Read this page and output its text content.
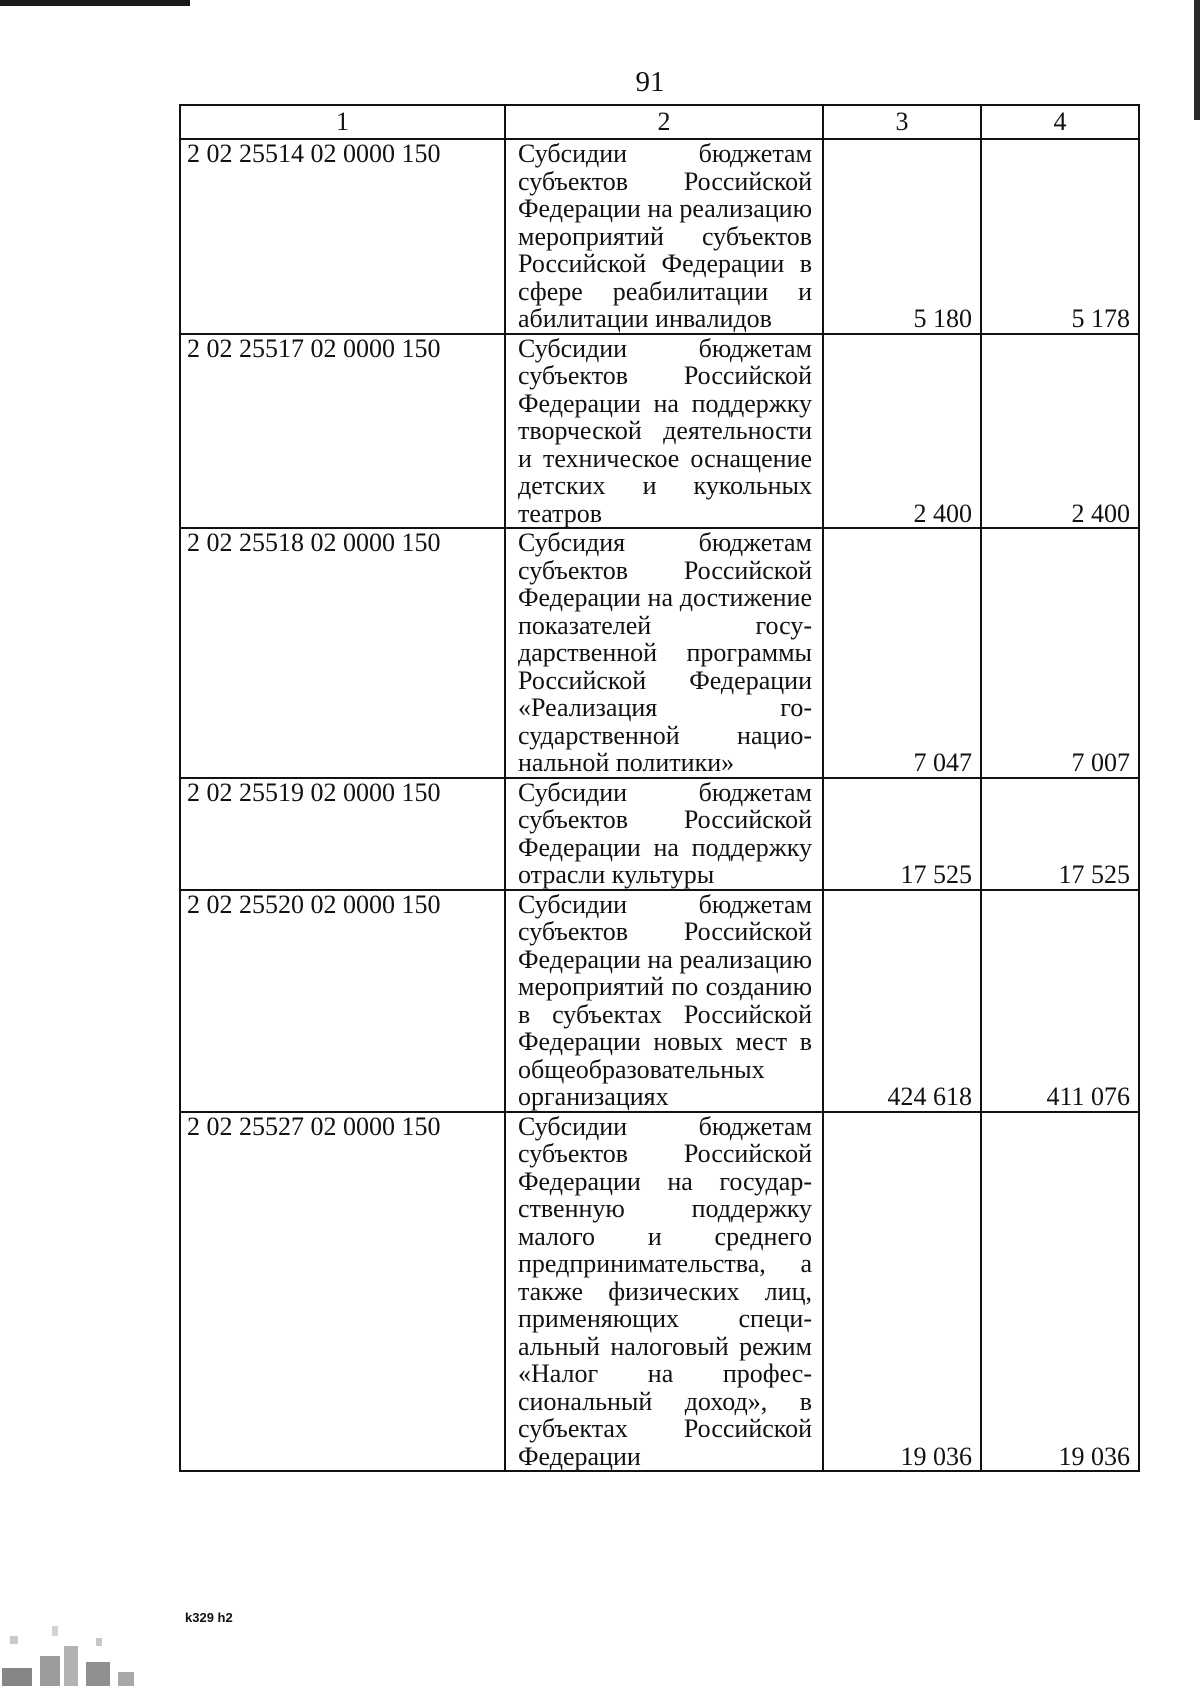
91
1	2	3	4
2 02 25514 02 0000 150	Субсидии бюджетам субъектов Российской Федерации на реализацию мероприятий субъектов Российской Федерации в сфере реабилитации и абилитации инвалидов	5 180	5 178
2 02 25517 02 0000 150	Субсидии бюджетам субъектов Российской Федерации на поддержку творческой деятельности и техническое оснащение детских и кукольных театров	2 400	2 400
2 02 25518 02 0000 150	Субсидия бюджетам субъектов Российской Федерации на достижение показателей государственной программы Российской Федерации «Реализация государственной национальной политики»	7 047	7 007
2 02 25519 02 0000 150	Субсидии бюджетам субъектов Российской Федерации на поддержку отрасли культуры	17 525	17 525
2 02 25520 02 0000 150	Субсидии бюджетам субъектов Российской Федерации на реализацию мероприятий по созданию в субъектах Российской Федерации новых мест в общеобразовательных организациях	424 618	411 076
2 02 25527 02 0000 150	Субсидии бюджетам субъектов Российской Федерации на государственную поддержку малого и среднего предпринимательства, а также физических лиц, применяющих специальный налоговый режим «Налог на профессиональный доход», в субъектах Российской Федерации	19 036	19 036
k329 h2
